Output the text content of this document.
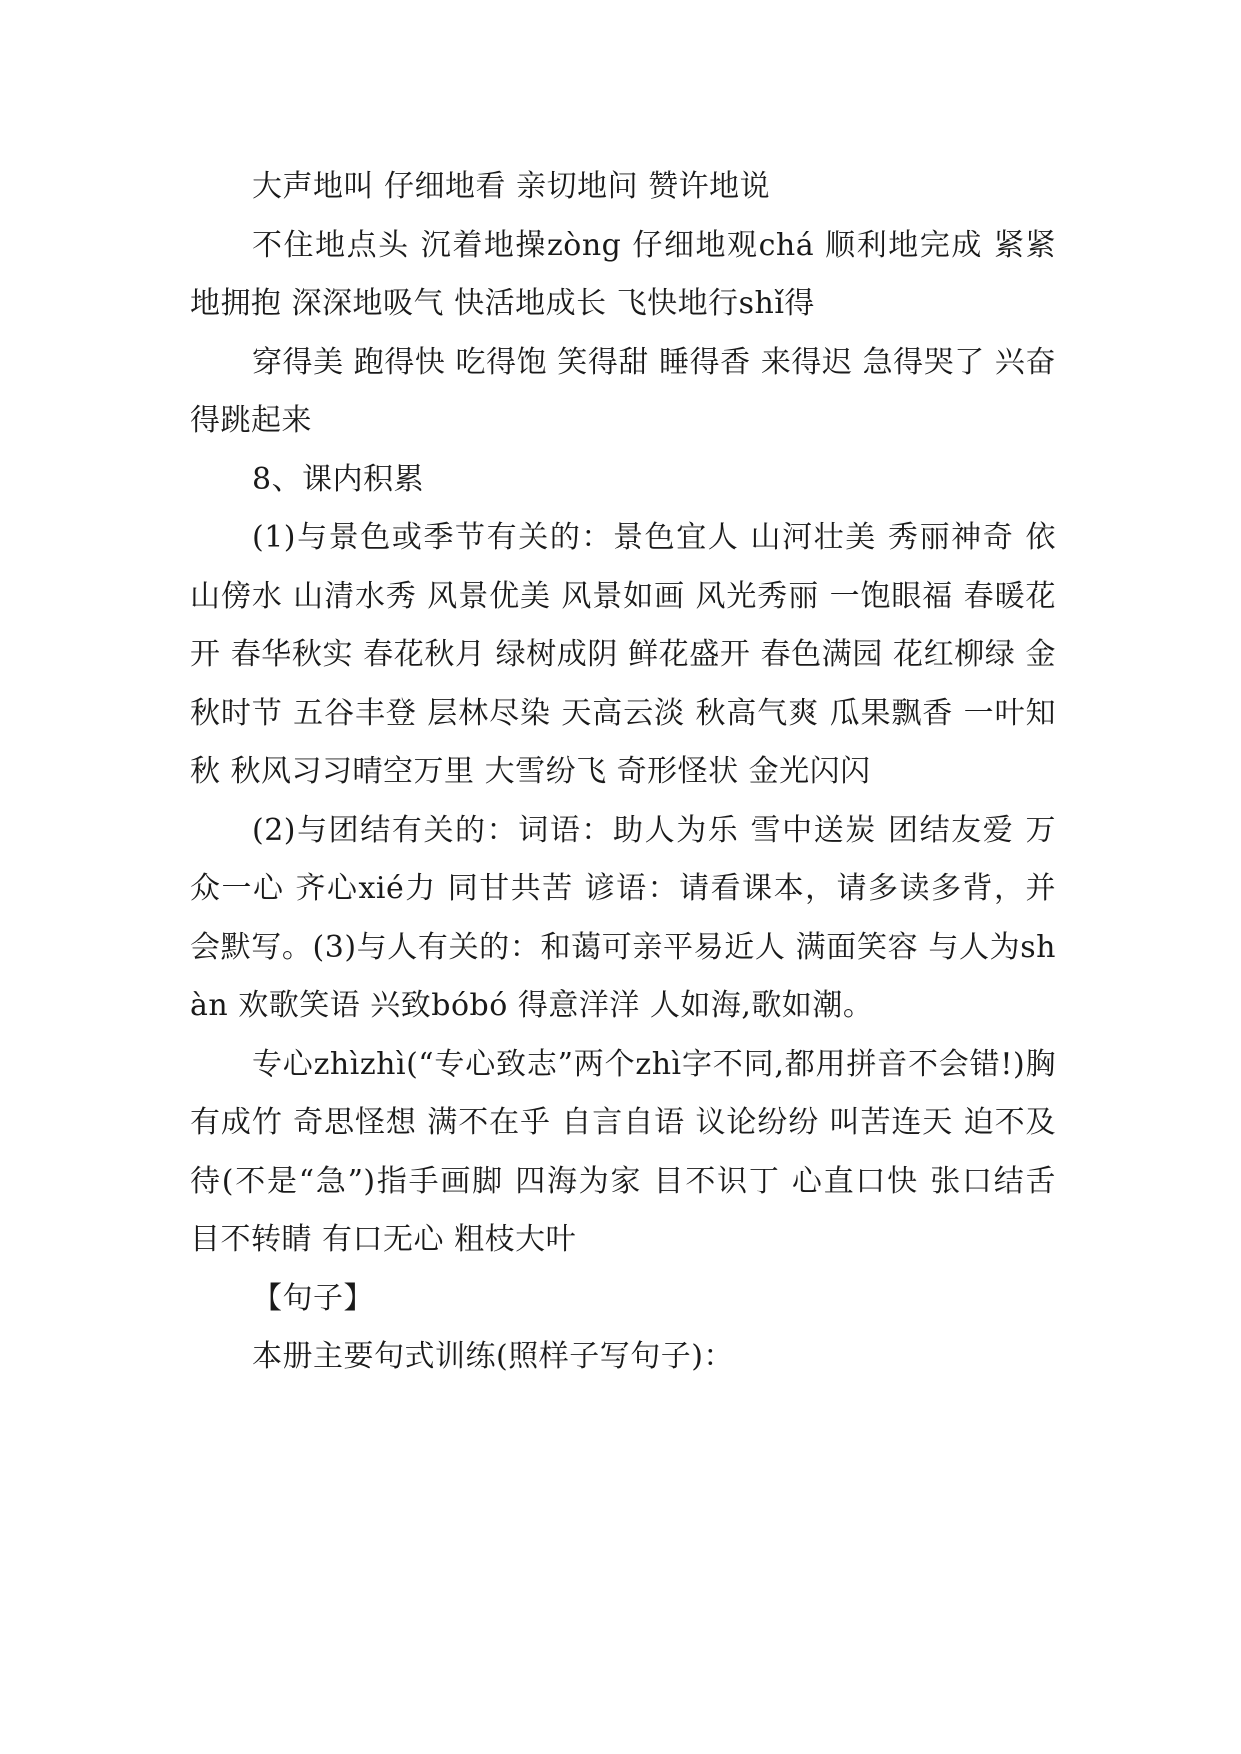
大声地叫 仔细地看 亲切地问 赞许地说

不住地点头 沉着地操zòng 仔细地观chá 顺利地完成 紧紧地拥抱 深深地吸气 快活地成长 飞快地行shǐ得

穿得美 跑得快 吃得饱 笑得甜 睡得香 来得迟 急得哭了 兴奋得跳起来

8、课内积累

(1)与景色或季节有关的：景色宜人 山河壮美 秀丽神奇 依山傍水 山清水秀 风景优美 风景如画 风光秀丽 一饱眼福 春暖花开 春华秋实 春花秋月 绿树成阴 鲜花盛开 春色满园 花红柳绿 金秋时节 五谷丰登 层林尽染 天高云淡 秋高气爽 瓜果飘香 一叶知秋 秋风习习晴空万里 大雪纷飞 奇形怪状 金光闪闪

(2)与团结有关的：词语：助人为乐 雪中送炭 团结友爱 万众一心 齐心xié力 同甘共苦 谚语：请看课本，请多读多背，并会默写。(3)与人有关的：和蔼可亲平易近人 满面笑容 与人为shàn 欢歌笑语 兴致bóbó 得意洋洋 人如海,歌如潮。

专心zhìzhì(“专心致志”两个zhì字不同,都用拼音不会错!)胸有成竹 奇思怪想 满不在乎 自言自语 议论纷纷 叫苦连天 迫不及待(不是“急”)指手画脚 四海为家 目不识丁 心直口快 张口结舌 目不转睛 有口无心 粗枝大叶

【句子】

本册主要句式训练(照样子写句子)：
